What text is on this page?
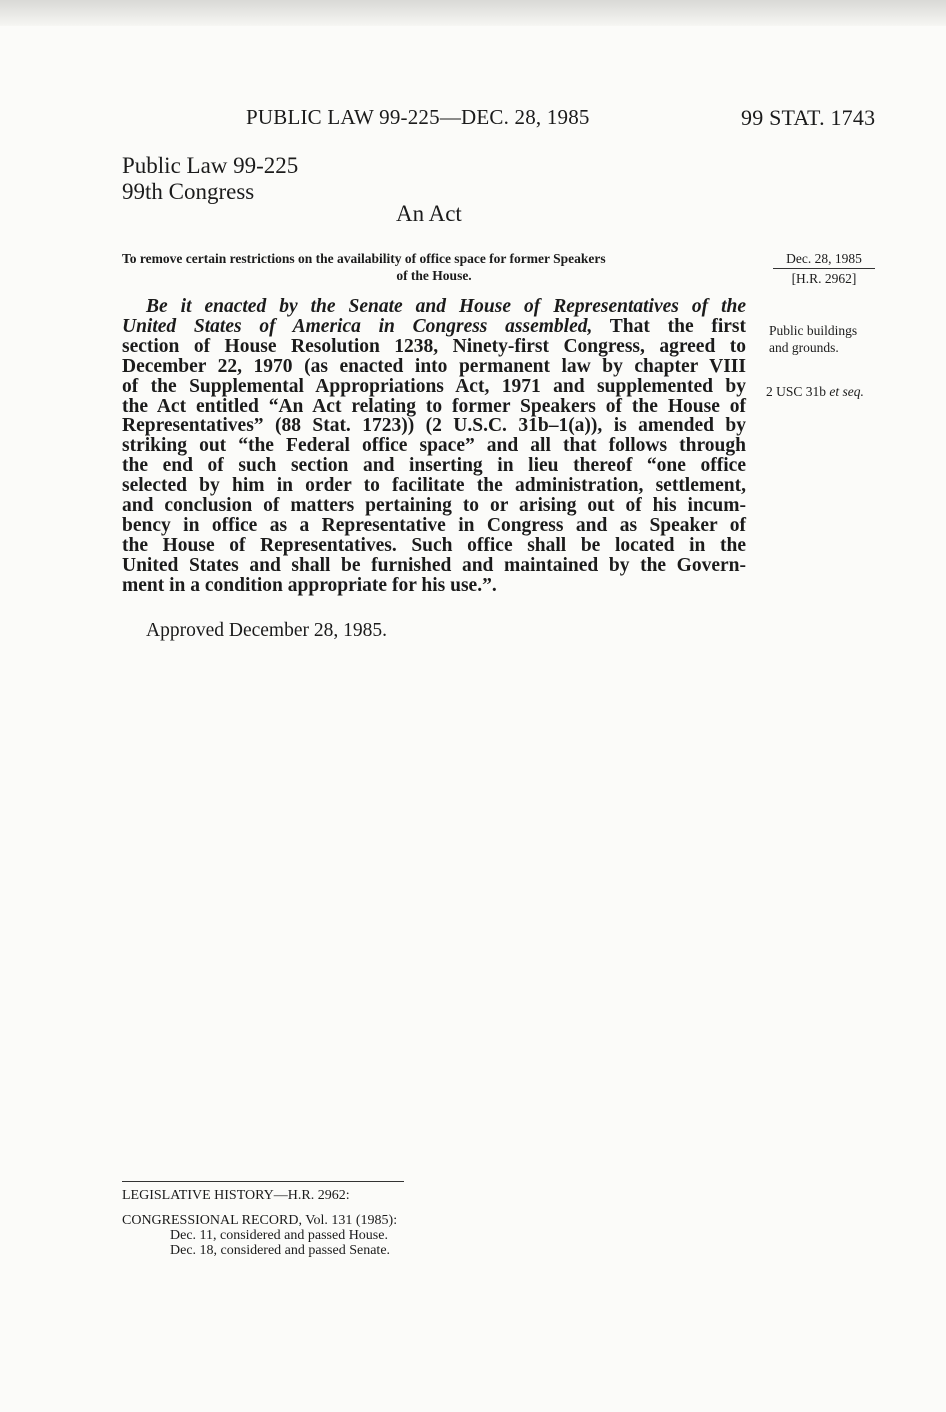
PUBLIC LAW 99-225—DEC. 28, 1985	99 STAT. 1743
Public Law 99-225
99th Congress
An Act
To remove certain restrictions on the availability of office space for former Speakers
of the House.
Dec. 28, 1985
[H.R. 2962]
Public buildings
and grounds.
2 USC 31b et seq.
Be it enacted by the Senate and House of Representatives of the
United States of America in Congress assembled, That the first
section of House Resolution 1238, Ninety-first Congress, agreed to
December 22, 1970 (as enacted into permanent law by chapter VIII
of the Supplemental Appropriations Act, 1971 and supplemented by
the Act entitled “An Act relating to former Speakers of the House of
Representatives” (88 Stat. 1723)) (2 U.S.C. 31b–1(a)), is amended by
striking out “the Federal office space” and all that follows through
the end of such section and inserting in lieu thereof “one office
selected by him in order to facilitate the administration, settlement,
and conclusion of matters pertaining to or arising out of his incum-
bency in office as a Representative in Congress and as Speaker of
the House of Representatives. Such office shall be located in the
United States and shall be furnished and maintained by the Govern-
ment in a condition appropriate for his use.”.
Approved December 28, 1985.
LEGISLATIVE HISTORY—H.R. 2962:
CONGRESSIONAL RECORD, Vol. 131 (1985):
Dec. 11, considered and passed House.
Dec. 18, considered and passed Senate.
